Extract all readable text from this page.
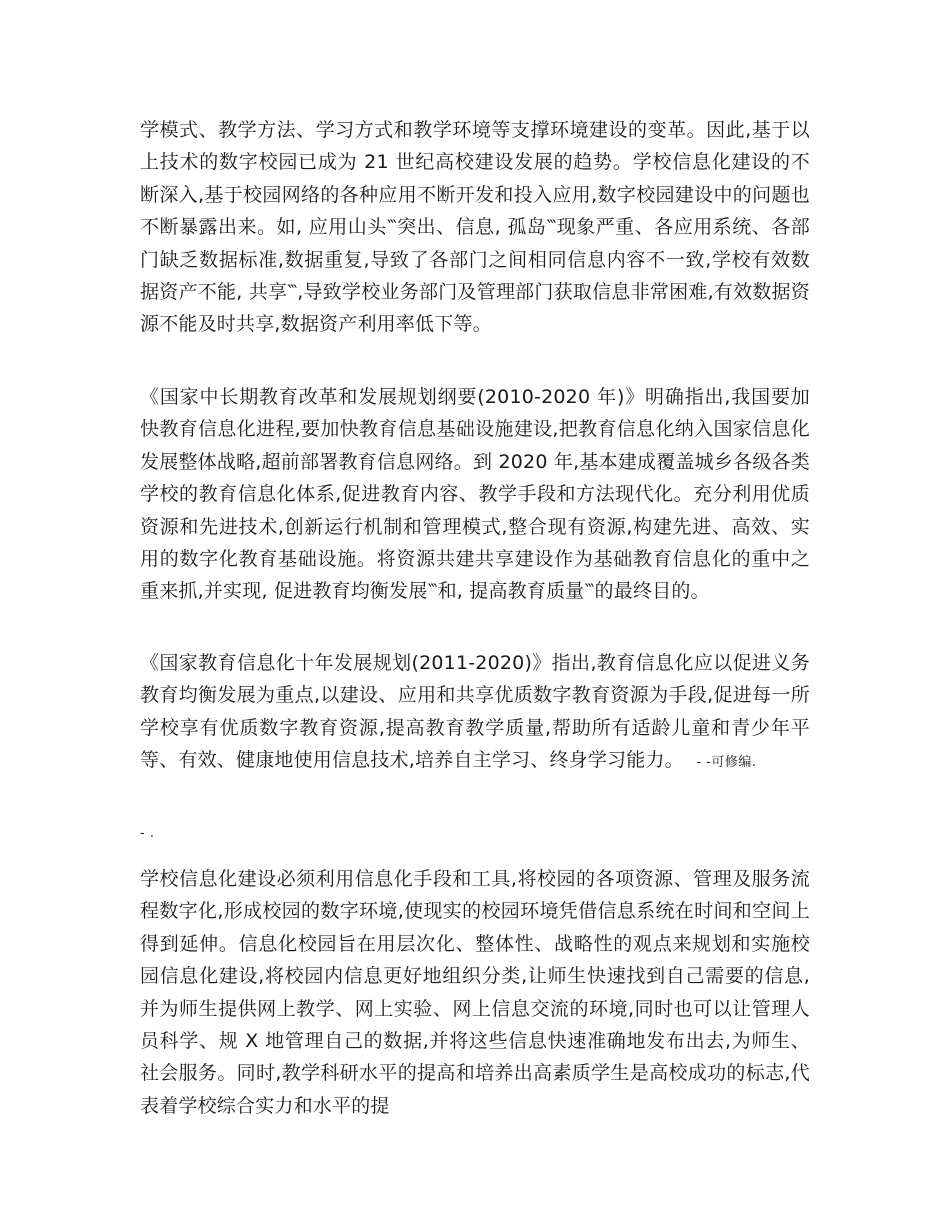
学模式、教学方法、学习方式和教学环境等支撑环境建设的变革。因此,基于以上技术的数字校园已成为 21 世纪高校建设发展的趋势。学校信息化建设的不断深入,基于校园网络的各种应用不断开发和投入应用,数字校园建设中的问题也不断暴露出来。如, 应用山头‷突出、信息, 孤岛‷现象严重、各应用系统、各部门缺乏数据标准,数据重复,导致了各部门之间相同信息内容不一致,学校有效数据资产不能, 共享‷,导致学校业务部门及管理部门获取信息非常困难,有效数据资源不能及时共享,数据资产利用率低下等。

《国家中长期教育改革和发展规划纲要(2010-2020 年)》明确指出,我国要加快教育信息化进程,要加快教育信息基础设施建设,把教育信息化纳入国家信息化发展整体战略,超前部署教育信息网络。到 2020 年,基本建成覆盖城乡各级各类学校的教育信息化体系,促进教育内容、教学手段和方法现代化。充分利用优质资源和先进技术,创新运行机制和管理模式,整合现有资源,构建先进、高效、实用的数字化教育基础设施。将资源共建共享建设作为基础教育信息化的重中之重来抓,并实现, 促进教育均衡发展‷和, 提高教育质量‷的最终目的。

《国家教育信息化十年发展规划(2011-2020)》指出,教育信息化应以促进义务教育均衡发展为重点,以建设、应用和共享优质数字教育资源为手段,促进每一所学校享有优质数字教育资源,提高教育教学质量,帮助所有适龄儿童和青少年平等、有效、健康地使用信息技术,培养自主学习、终身学习能力。 - -可修编.

- .

学校信息化建设必须利用信息化手段和工具,将校园的各项资源、管理及服务流程数字化,形成校园的数字环境,使现实的校园环境凭借信息系统在时间和空间上得到延伸。信息化校园旨在用层次化、整体性、战略性的观点来规划和实施校园信息化建设,将校园内信息更好地组织分类,让师生快速找到自己需要的信息,并为师生提供网上教学、网上实验、网上信息交流的环境,同时也可以让管理人员科学、规 X 地管理自己的数据,并将这些信息快速准确地发布出去,为师生、社会服务。同时,教学科研水平的提高和培养出高素质学生是高校成功的标志,代表着学校综合实力和水平的提
